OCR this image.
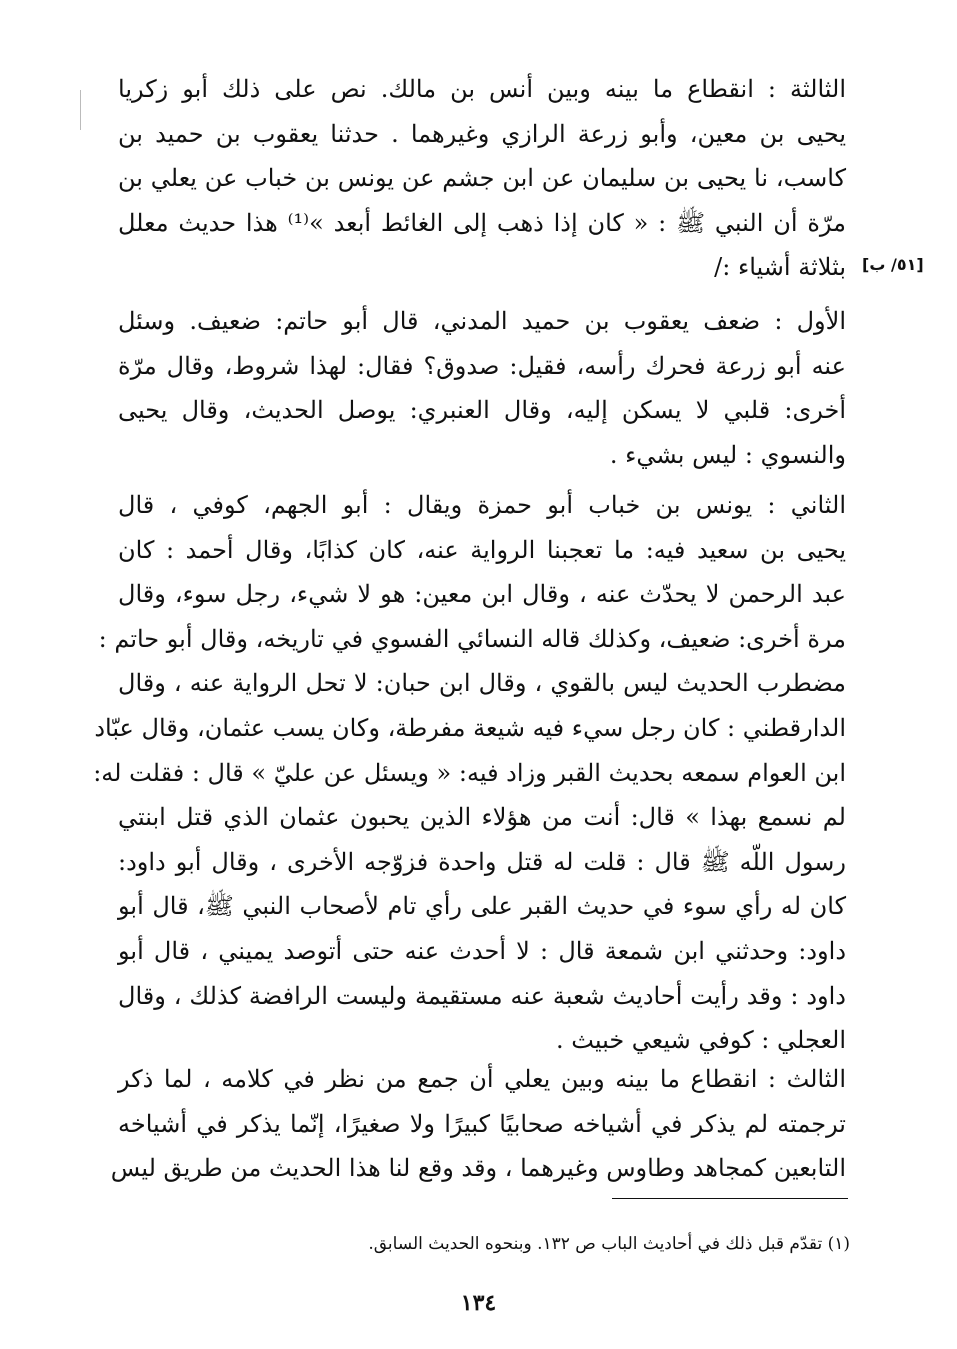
[٥١/ ب]
الثالثة : انقطاع ما بينه وبين أنس بن مالك. نص على ذلك أبو زكريا
يحيى بن معين، وأبو زرعة الرازي وغيرهما . حدثنا يعقوب بن حميد بن
كاسب، نا يحيى بن سليمان عن ابن جشم عن يونس بن خباب عن يعلي بن
مرّة أن النبي ﷺ : « كان إذا ذهب إلى الغائط أبعد »⁽¹⁾ هذا حديث معلل
بثلاثة أشياء :/
الأول : ضعف يعقوب بن حميد المدني، قال أبو حاتم: ضعيف. وسئل
عنه أبو زرعة فحرك رأسه، فقيل: صدوق؟ فقال: لهذا شروط، وقال مرّة
أخرى: قلبي لا يسكن إليه، وقال العنبري: يوصل الحديث، وقال يحيى
والنسوي : ليس بشيء .
الثاني : يونس بن خباب أبو حمزة ويقال : أبو الجهم، كوفي ، قال
يحيى بن سعيد فيه: ما تعجبنا الرواية عنه، كان كذابًا، وقال أحمد : كان
عبد الرحمن لا يحدّث عنه ، وقال ابن معين: هو لا شيء، رجل سوء، وقال
مرة أخرى: ضعيف، وكذلك قاله النسائي الفسوي في تاريخه، وقال أبو حاتم :
مضطرب الحديث ليس بالقوي ، وقال ابن حبان: لا تحل الرواية عنه ، وقال
الدارقطني : كان رجل سيء فيه شيعة مفرطة، وكان يسب عثمان، وقال عبّاد
ابن العوام سمعه بحديث القبر وزاد فيه: « ويسئل عن عليّ » قال : فقلت له:
لم نسمع بهذا » قال: أنت من هؤلاء الذين يحبون عثمان الذي قتل ابنتي
رسول اللّه ﷺ قال : قلت له قتل واحدة فزوّجه الأخرى ، وقال أبو داود:
كان له رأي سوء في حديث القبر على رأي تام لأصحاب النبي ﷺ، قال أبو
داود: وحدثني ابن شمعة قال : لا أحدث عنه حتى أتوصد يميني ، قال أبو
داود : وقد رأيت أحاديث شعبة عنه مستقيمة وليست الرافضة كذلك ، وقال
العجلي : كوفي شيعي خبيث .
الثالث : انقطاع ما بينه وبين يعلي أن جمع من نظر في كلامه ، لما ذكر
ترجمته لم يذكر في أشياخه صحابيًا كبيرًا ولا صغيرًا، إنّما يذكر في أشياخه
التابعين كمجاهد وطاوس وغيرهما ، وقد وقع لنا هذا الحديث من طريق ليس
(١) تقدّم قبل ذلك في أحاديث الباب ص ١٣٢. وبنحوه الحديث السابق.
١٣٤
